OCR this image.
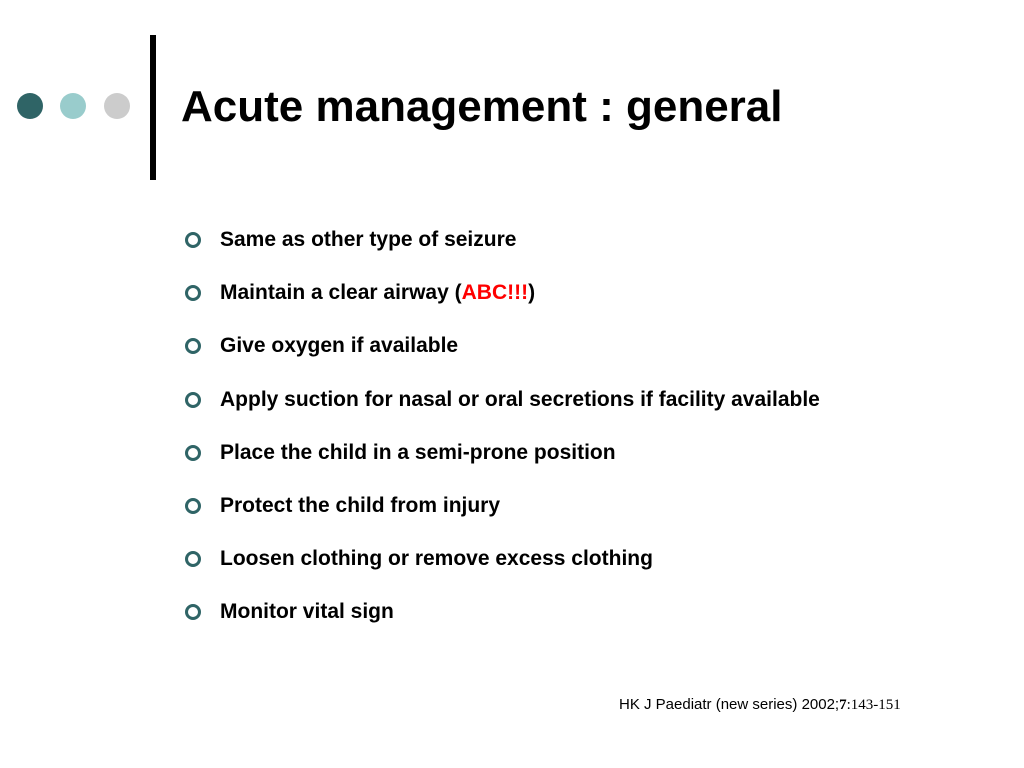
Acute management : general
Same as other type of seizure
Maintain a clear airway (ABC!!!)
Give oxygen if available
Apply suction for nasal or oral secretions if facility available
Place the child in a semi-prone position
Protect the child from injury
Loosen clothing or remove excess clothing
Monitor vital sign

HK J Paediatr (new series) 2002;7:143-151
